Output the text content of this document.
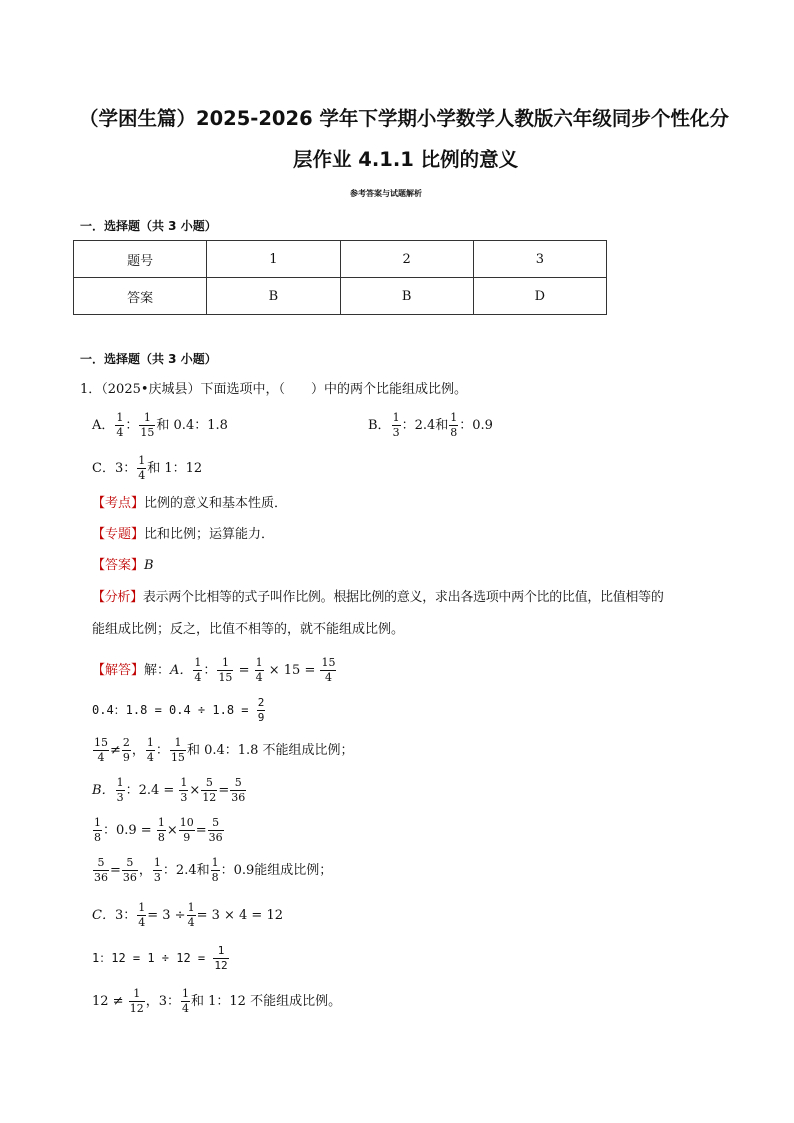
（学困生篇）2025-2026 学年下学期小学数学人教版六年级同步个性化分
层作业 4.1.1 比例的意义
参考答案与试题解析
一．选择题（共 3 小题）
题号	1	2	3
答案	B	B	D
一．选择题（共 3 小题）
1．（2025•庆城县）下面选项中，（　　）中的两个比能组成比例。
A． $\frac{1}{4}$ ： $\frac{1}{15}$ 和 0.4：1.8	B． $\frac{1}{3}$ ：2.4和 $\frac{1}{8}$ ：0.9
C．3： $\frac{1}{4}$ 和 1：12
【考点】比例的意义和基本性质．
【专题】比和比例；运算能力．
【答案】B
【分析】表示两个比相等的式子叫作比例。根据比例的意义，求出各选项中两个比的比值，比值相等的
能组成比例；反之，比值不相等的，就不能组成比例。
【解答】解：A． $\frac{1}{4}$ ： $\frac{1}{15} = \frac{1}{4} \times 15 = \frac{15}{4}$
0.4：$1.8 = 0.4 \div 1.8 = \frac{2}{9}$
$\frac{15}{4} \ne \frac{2}{9}$ ， $\frac{1}{4}$ ： $\frac{1}{15}$ 和 0.4：1.8 不能组成比例；
B． $\frac{1}{3}$ ：$2.4 = \frac{1}{3} \times \frac{5}{12} = \frac{5}{36}$
$\frac{1}{8}$ ：$0.9 = \frac{1}{8} \times \frac{10}{9} = \frac{5}{36}$
$\frac{5}{36} = \frac{5}{36}$ ， $\frac{1}{3}$ ：2.4和 $\frac{1}{8}$ ：0.9能组成比例；
C．3： $\frac{1}{4} = 3 \div \frac{1}{4} = 3 \times 4 = 12$
1：$12 = 1 \div 12 = \frac{1}{12}$
$12 \ne \frac{1}{12}$ ，3： $\frac{1}{4}$ 和 1：12 不能组成比例。
